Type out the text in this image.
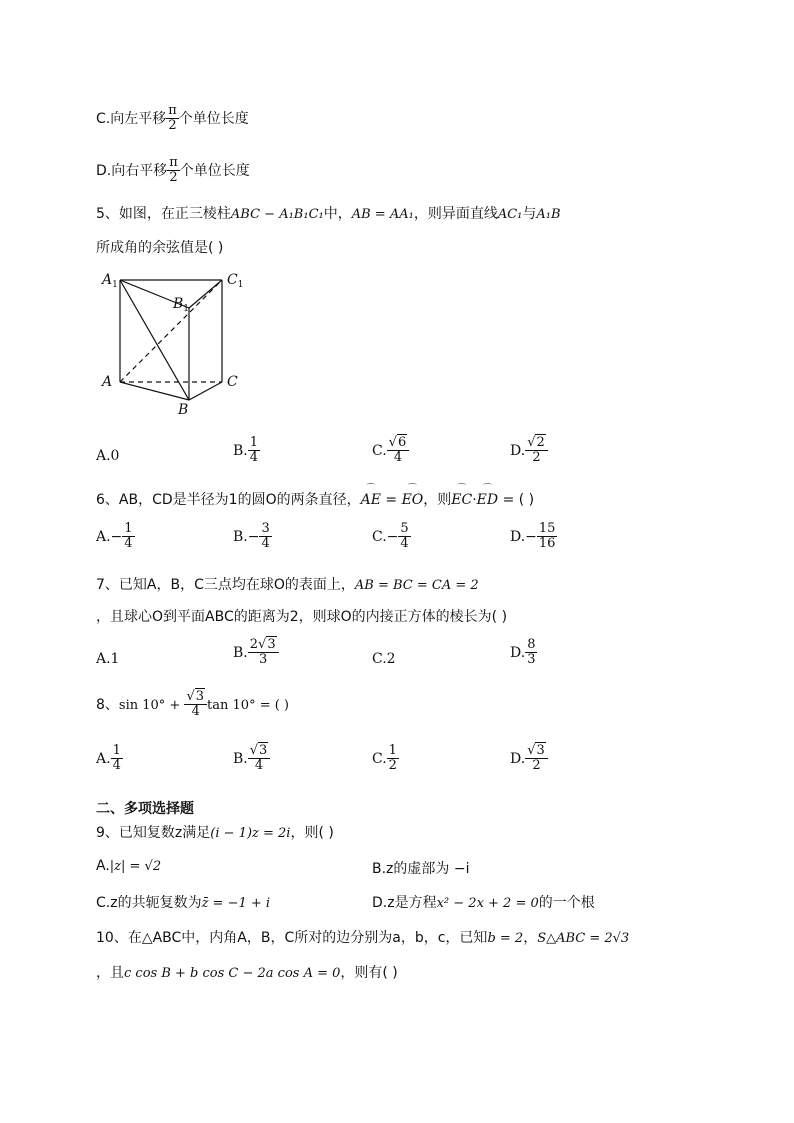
C.向左平移 $\frac{\pi}{2}$ 个单位长度
D.向右平移 $\frac{\pi}{2}$ 个单位长度
5、如图，在正三棱柱ABC − A₁B₁C₁中，AB = AA₁，则异面直线AC₁与A₁B
所成角的余弦值是( )
$A_1$	$C_1$
$B_1$
A	C
B
A.0	B. $\frac{1}{4}$	C. $\frac{√6}{4}$	D. $\frac{√2}{2}$
6、AB，CD是半径为1的圆O的两条直径，⌒ AE = ⌒ EO，则⌒ EC·⌒ ED = ( )
$A.- \frac{1}{4}$	$B.- \frac{3}{4}$	$C.- \frac{5}{4}$	$D.- \frac{15}{16}$
7、已知A，B，C三点均在球O的表面上，AB = BC = CA = 2
，且球心O到平面ABC的距离为2，则球O的内接正方体的棱长为( )
A.1	B. $\frac{2√3}{3}$	C.2	D. $\frac{8}{3}$
8、$\sin 10^\circ + \frac{√3}{4}$ tan 10° = ( )
A. $\frac{1}{4}$	B. $\frac{√3}{4}$	C. $\frac{1}{2}$	D. $\frac{√3}{2}$
二、多项选择题
9、已知复数z满足(i − 1)z = 2i，则( )
A.|z| = √2	B.z的虚部为 −i
C.z的共轭复数为z̄ = −1 + i	D.z是方程x² − 2x + 2 = 0的一个根
10、在△ABC中，内角A，B，C所对的边分别为a，b，c，已知b = 2，S△ABC = 2√3
，且c cos B + b cos C − 2a cos A = 0，则有( )
